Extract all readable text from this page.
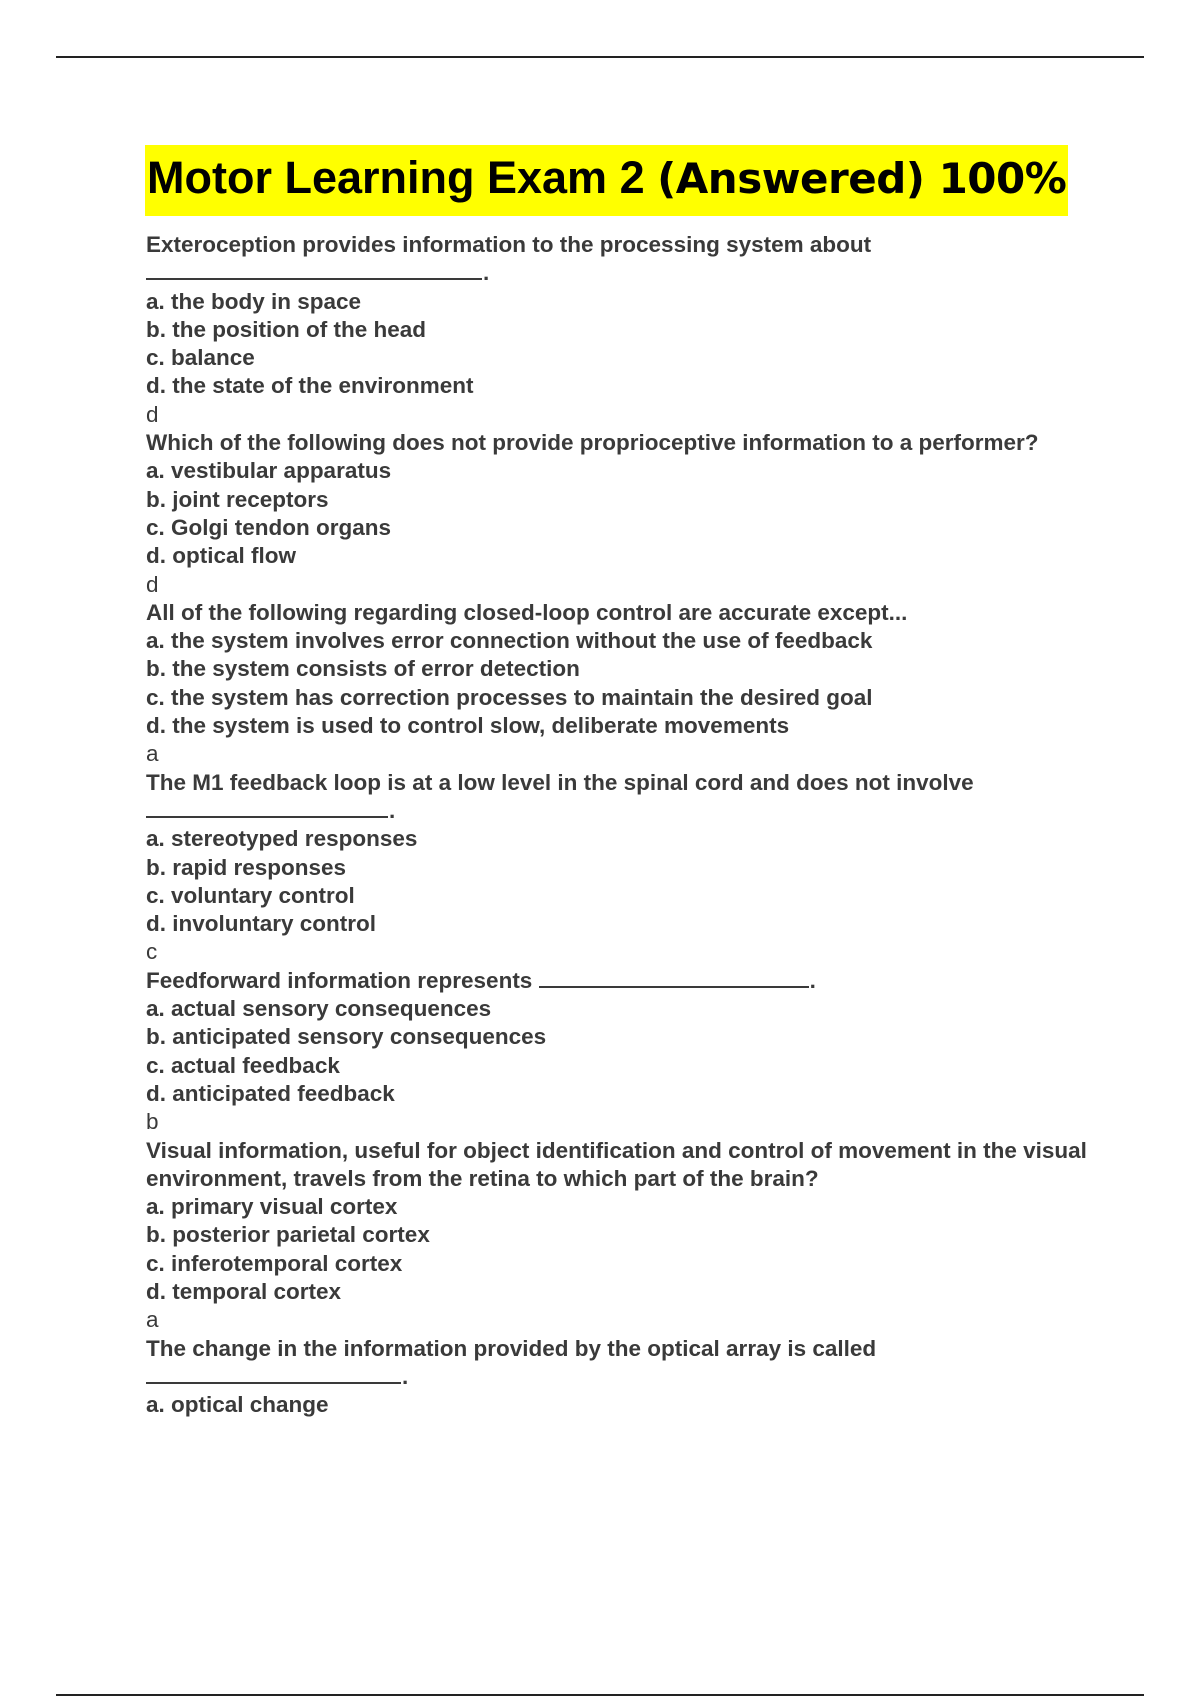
Motor Learning Exam 2 (Answered) 100%
Exteroception provides information to the processing system about
.
a. the body in space
b. the position of the head
c. balance
d. the state of the environment
d
Which of the following does not provide proprioceptive information to a performer?
a. vestibular apparatus
b. joint receptors
c. Golgi tendon organs
d. optical flow
d
All of the following regarding closed-loop control are accurate except...
a. the system involves error connection without the use of feedback
b. the system consists of error detection
c. the system has correction processes to maintain the desired goal
d. the system is used to control slow, deliberate movements
a
The M1 feedback loop is at a low level in the spinal cord and does not involve
.
a. stereotyped responses
b. rapid responses
c. voluntary control
d. involuntary control
c
Feedforward information represents	.
a. actual sensory consequences
b. anticipated sensory consequences
c. actual feedback
d. anticipated feedback
b
Visual information, useful for object identification and control of movement in the visual environment, travels from the retina to which part of the brain?
a. primary visual cortex
b. posterior parietal cortex
c. inferotemporal cortex
d. temporal cortex
a
The change in the information provided by the optical array is called
.
a. optical change
